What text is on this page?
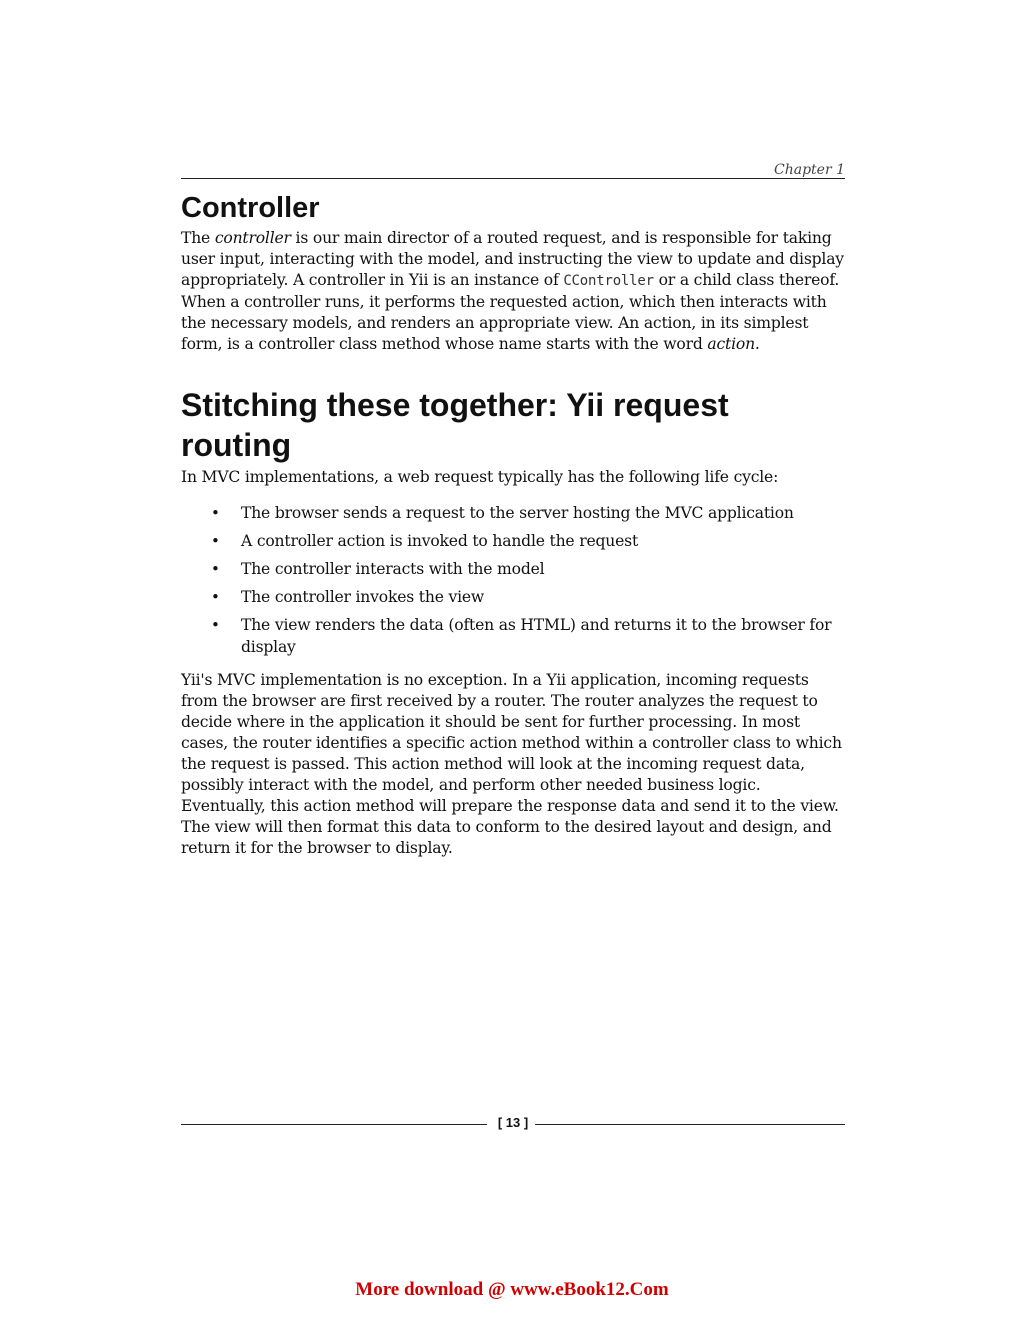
Chapter 1
Controller

The controller is our main director of a routed request, and is responsible for taking user input, interacting with the model, and instructing the view to update and display appropriately. A controller in Yii is an instance of CController or a child class thereof. When a controller runs, it performs the requested action, which then interacts with the necessary models, and renders an appropriate view. An action, in its simplest form, is a controller class method whose name starts with the word action.

Stitching these together: Yii request routing

In MVC implementations, a web request typically has the following life cycle:

• The browser sends a request to the server hosting the MVC application
• A controller action is invoked to handle the request
• The controller interacts with the model
• The controller invokes the view
• The view renders the data (often as HTML) and returns it to the browser for display

Yii's MVC implementation is no exception. In a Yii application, incoming requests from the browser are first received by a router. The router analyzes the request to decide where in the application it should be sent for further processing. In most cases, the router identifies a specific action method within a controller class to which the request is passed. This action method will look at the incoming request data, possibly interact with the model, and perform other needed business logic. Eventually, this action method will prepare the response data and send it to the view. The view will then format this data to conform to the desired layout and design, and return it for the browser to display.

[ 13 ]
More download @ www.eBook12.Com
